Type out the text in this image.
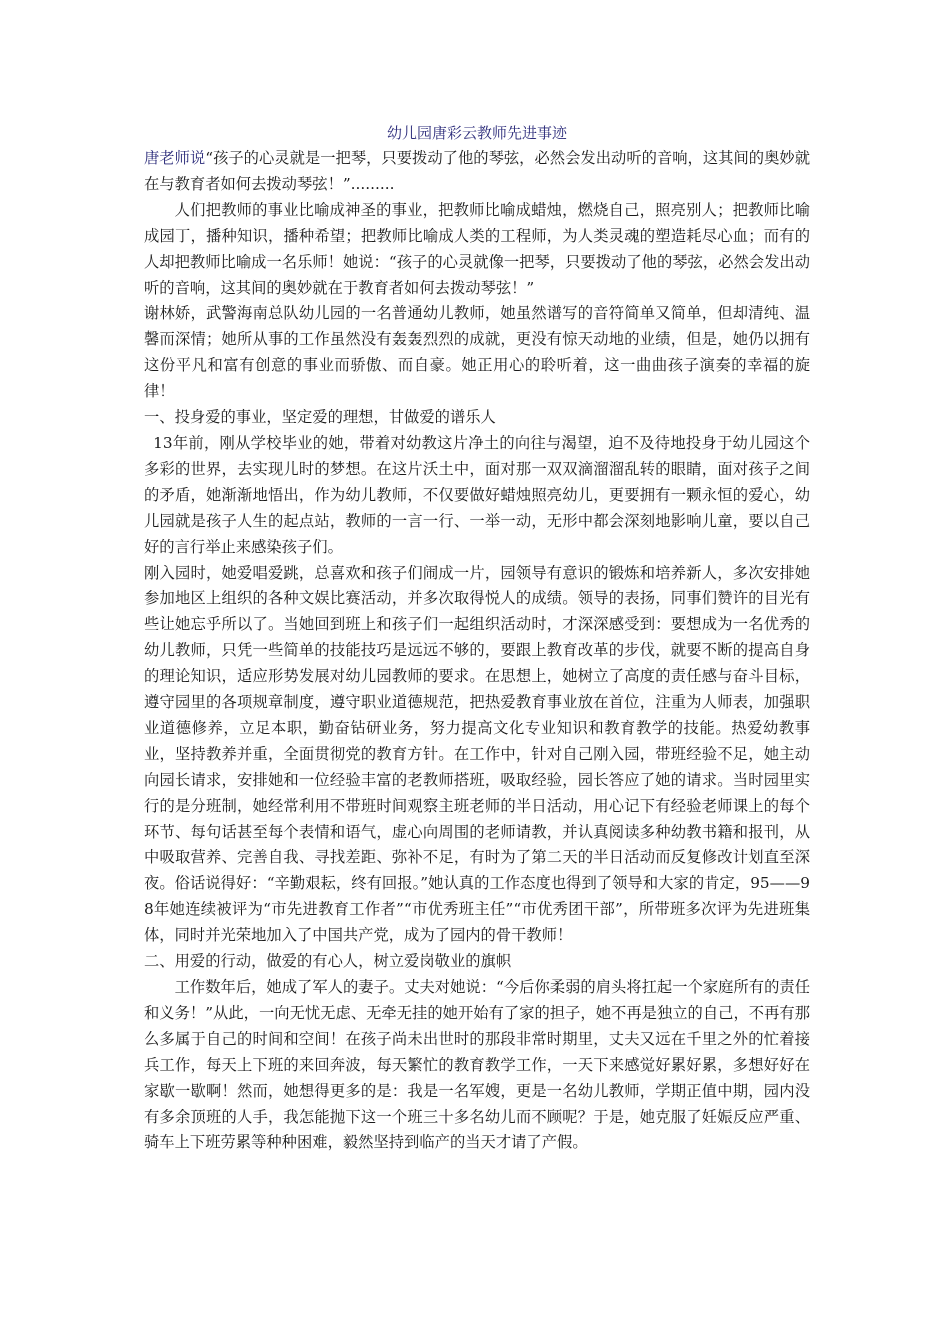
幼儿园唐彩云教师先进事迹

唐老师说“孩子的心灵就是一把琴，只要拨动了他的琴弦，必然会发出动听的音响，这其间的奥妙就在与教育者如何去拨动琴弦！”.........

人们把教师的事业比喻成神圣的事业，把教师比喻成蜡烛，燃烧自己，照亮别人；把教师比喻成园丁，播种知识，播种希望；把教师比喻成人类的工程师，为人类灵魂的塑造耗尽心血；而有的人却把教师比喻成一名乐师！她说：“孩子的心灵就像一把琴，只要拨动了他的琴弦，必然会发出动听的音响，这其间的奥妙就在于教育者如何去拨动琴弦！”

谢林娇，武警海南总队幼儿园的一名普通幼儿教师，她虽然谱写的音符简单又简单，但却清纯、温馨而深情；她所从事的工作虽然没有轰轰烈烈的成就，更没有惊天动地的业绩，但是，她仍以拥有这份平凡和富有创意的事业而骄傲、而自豪。她正用心的聆听着，这一曲曲孩子演奏的幸福的旋律！

一、投身爱的事业，坚定爱的理想，甘做爱的谱乐人

13年前，刚从学校毕业的她，带着对幼教这片净土的向往与渴望，迫不及待地投身于幼儿园这个多彩的世界，去实现儿时的梦想。在这片沃土中，面对那一双双滴溜溜乱转的眼睛，面对孩子之间的矛盾，她渐渐地悟出，作为幼儿教师，不仅要做好蜡烛照亮幼儿，更要拥有一颗永恒的爱心，幼儿园就是孩子人生的起点站，教师的一言一行、一举一动，无形中都会深刻地影响儿童，要以自己好的言行举止来感染孩子们。

刚入园时，她爱唱爱跳，总喜欢和孩子们闹成一片，园领导有意识的锻炼和培养新人，多次安排她参加地区上组织的各种文娱比赛活动，并多次取得悦人的成绩。领导的表扬，同事们赞许的目光有些让她忘乎所以了。当她回到班上和孩子们一起组织活动时，才深深感受到：要想成为一名优秀的幼儿教师，只凭一些简单的技能技巧是远远不够的，要跟上教育改革的步伐，就要不断的提高自身的理论知识，适应形势发展对幼儿园教师的要求。在思想上，她树立了高度的责任感与奋斗目标，遵守园里的各项规章制度，遵守职业道德规范，把热爱教育事业放在首位，注重为人师表，加强职业道德修养，立足本职，勤奋钻研业务，努力提高文化专业知识和教育教学的技能。热爱幼教事业，坚持教养并重，全面贯彻党的教育方针。在工作中，针对自己刚入园，带班经验不足，她主动向园长请求，安排她和一位经验丰富的老教师搭班，吸取经验，园长答应了她的请求。当时园里实行的是分班制，她经常利用不带班时间观察主班老师的半日活动，用心记下有经验老师课上的每个环节、每句话甚至每个表情和语气，虚心向周围的老师请教，并认真阅读多种幼教书籍和报刊，从中吸取营养、完善自我、寻找差距、弥补不足，有时为了第二天的半日活动而反复修改计划直至深夜。俗话说得好：“辛勤艰耘，终有回报。”她认真的工作态度也得到了领导和大家的肯定，95——98年她连续被评为“市先进教育工作者”“市优秀班主任”“市优秀团干部”，所带班多次评为先进班集体，同时并光荣地加入了中国共产党，成为了园内的骨干教师！

二、用爱的行动，做爱的有心人，树立爱岗敬业的旗帜

工作数年后，她成了军人的妻子。丈夫对她说：“今后你柔弱的肩头将扛起一个家庭所有的责任和义务！”从此，一向无忧无虑、无牵无挂的她开始有了家的担子，她不再是独立的自己，不再有那么多属于自己的时间和空间！在孩子尚未出世时的那段非常时期里，丈夫又远在千里之外的忙着接兵工作，每天上下班的来回奔波，每天繁忙的教育教学工作，一天下来感觉好累好累，多想好好在家歇一歇啊！然而，她想得更多的是：我是一名军嫂，更是一名幼儿教师，学期正值中期，园内没有多余顶班的人手，我怎能抛下这一个班三十多名幼儿而不顾呢？于是，她克服了妊娠反应严重、骑车上下班劳累等种种困难，毅然坚持到临产的当天才请了产假。
